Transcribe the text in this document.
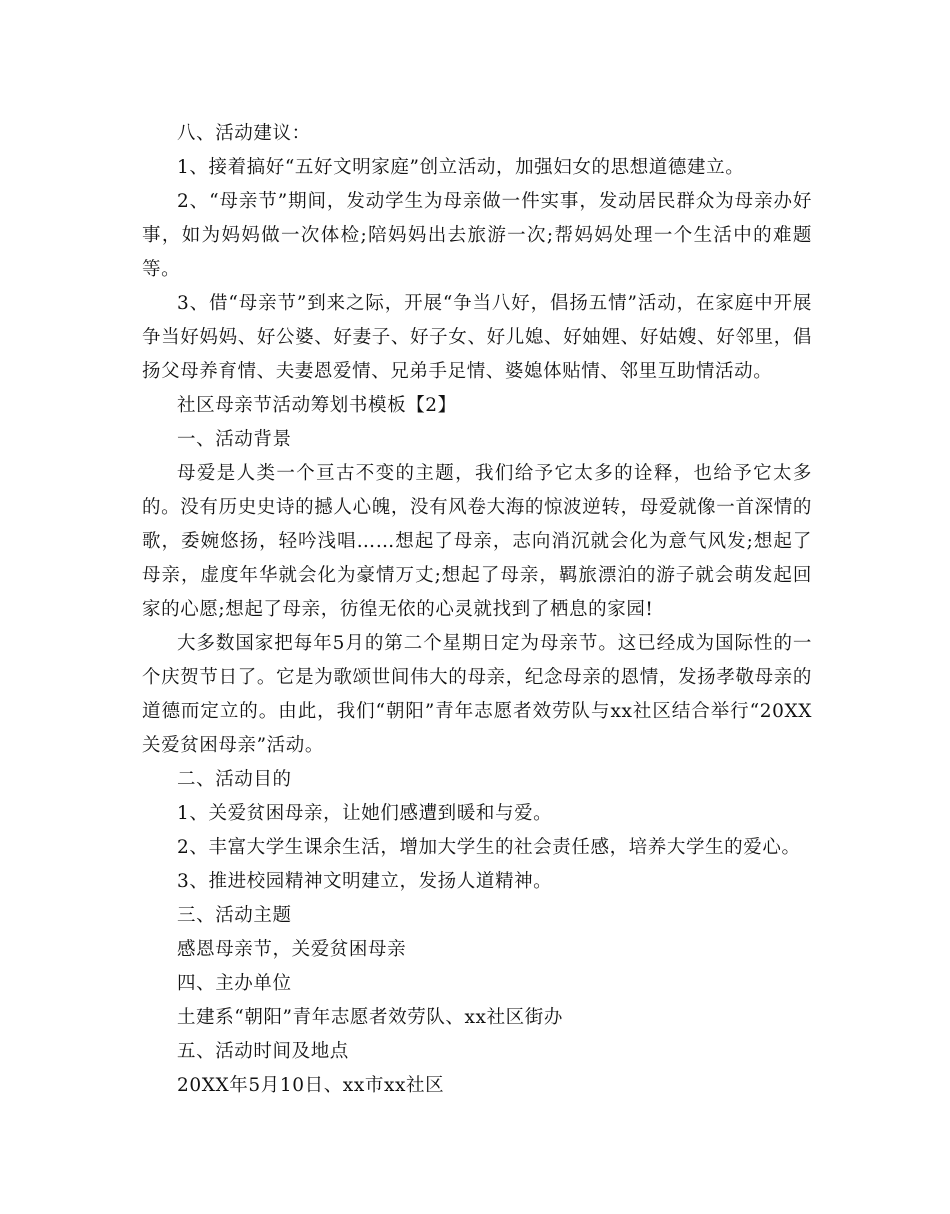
八、活动建议：

1、接着搞好“五好文明家庭”创立活动，加强妇女的思想道德建立。

2、“母亲节”期间，发动学生为母亲做一件实事，发动居民群众为母亲办好事，如为妈妈做一次体检;陪妈妈出去旅游一次;帮妈妈处理一个生活中的难题等。

3、借“母亲节”到来之际，开展“争当八好，倡扬五情”活动，在家庭中开展争当好妈妈、好公婆、好妻子、好子女、好儿媳、好妯娌、好姑嫂、好邻里，倡扬父母养育情、夫妻恩爱情、兄弟手足情、婆媳体贴情、邻里互助情活动。

社区母亲节活动筹划书模板【2】

一、活动背景

母爱是人类一个亘古不变的主题，我们给予它太多的诠释，也给予它太多的。没有历史史诗的撼人心魄，没有风卷大海的惊波逆转，母爱就像一首深情的歌，委婉悠扬，轻吟浅唱……想起了母亲，志向消沉就会化为意气风发;想起了母亲，虚度年华就会化为豪情万丈;想起了母亲，羁旅漂泊的游子就会萌发起回家的心愿;想起了母亲，彷徨无依的心灵就找到了栖息的家园!

大多数国家把每年5月的第二个星期日定为母亲节。这已经成为国际性的一个庆贺节日了。它是为歌颂世间伟大的母亲，纪念母亲的恩情，发扬孝敬母亲的道德而定立的。由此，我们“朝阳”青年志愿者效劳队与xx社区结合举行“20XX关爱贫困母亲”活动。

二、活动目的

1、关爱贫困母亲，让她们感遭到暖和与爱。

2、丰富大学生课余生活，增加大学生的社会责任感，培养大学生的爱心。

3、推进校园精神文明建立，发扬人道精神。

三、活动主题

感恩母亲节，关爱贫困母亲

四、主办单位

土建系“朝阳”青年志愿者效劳队、xx社区街办

五、活动时间及地点

20XX年5月10日、xx市xx社区
